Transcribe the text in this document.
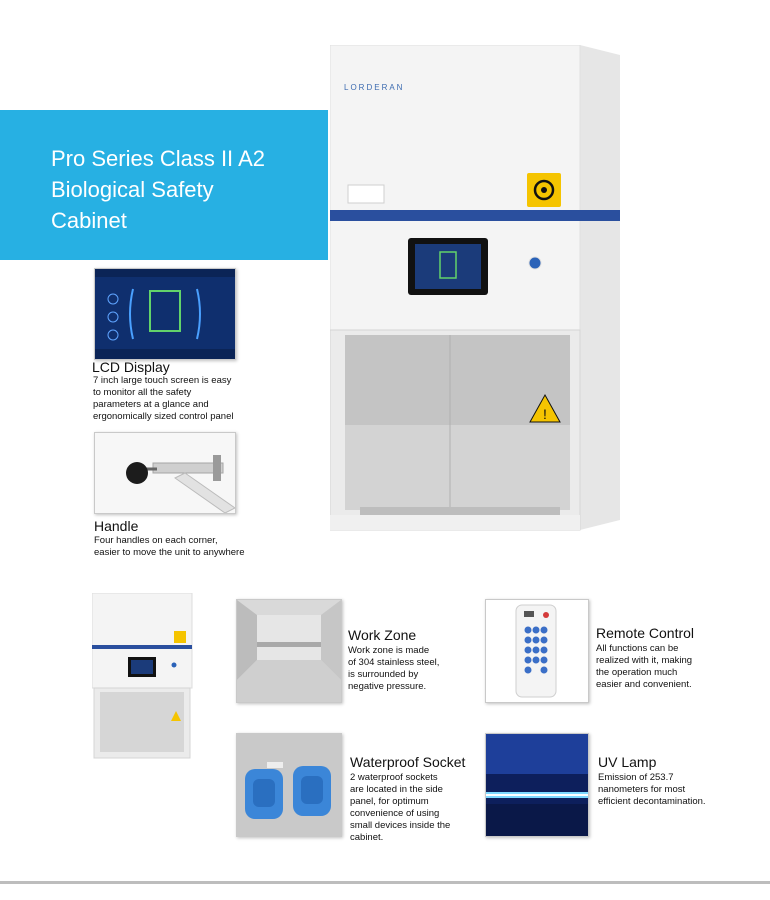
Pro Series Class II A2
Biological Safety
Cabinet
!
LORDERAN
LCD Display
7 inch large touch screen is easy
to monitor all the safety
parameters at a glance and
ergonomically sized control panel
Handle
Four handles on each corner,
easier to move the unit to anywhere
Work Zone
Work zone is made
of 304 stainless steel,
is surrounded by
negative pressure.
Remote Control
All functions can be
realized with it, making
the operation much
easier and convenient.
Waterproof Socket
2 waterproof sockets
are located in the side
panel, for optimum
convenience of using
small devices inside the
cabinet.
UV Lamp
Emission of 253.7
nanometers for most
efficient decontamination.
